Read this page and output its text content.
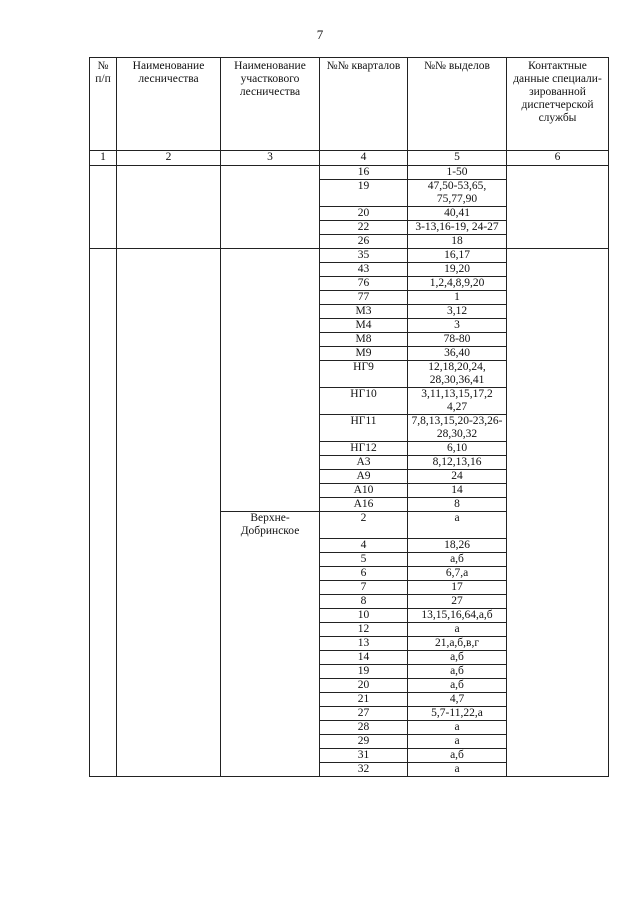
7
№ п/п	Наименование лесничества	Наименование участкового лесничества	№№ кварталов	№№ выделов	Контактные данные специали-зированной диспетчерской службы
1	2	3	4	5	6
			16	1-50	
			19	47,50-53,65, 75,77,90	
			20	40,41	
			22	3-13,16-19, 24-27	
			26	18	
			35	16,17	
			43	19,20	
			76	1,2,4,8,9,20	
			77	1	
			М3	3,12	
			М4	3	
			М8	78-80	
			М9	36,40	
			НГ9	12,18,20,24, 28,30,36,41	
			НГ10	3,11,13,15,17,2 4,27	
			НГ11	7,8,13,15,20-23,26-28,30,32	
			НГ12	6,10	
			А3	8,12,13,16	
			А9	24	
			А10	14	
			А16	8	
		Верхне-Добринское	2	а	
			4	18,26	
			5	а,б	
			6	6,7,а	
			7	17	
			8	27	
			10	13,15,16,64,а,б	
			12	а	
			13	21,а,б,в,г	
			14	а,б	
			19	а,б	
			20	а,б	
			21	4,7	
			27	5,7-11,22,а	
			28	а	
			29	а	
			31	а,б	
			32	а	
